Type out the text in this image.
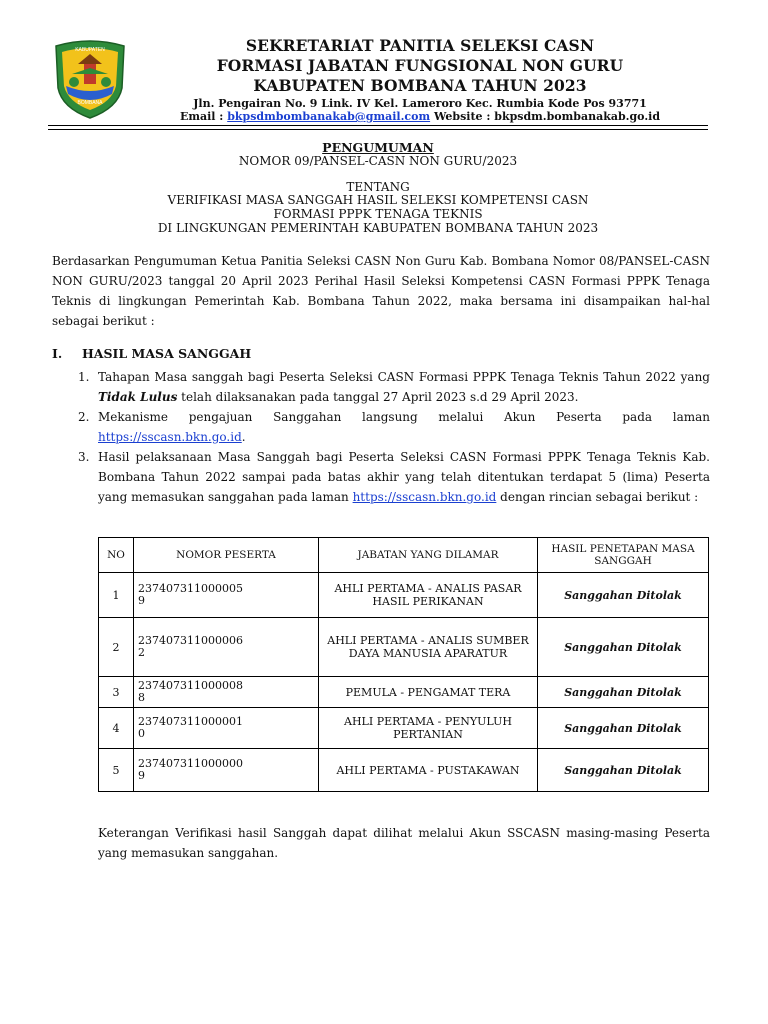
KABUPATEN
BOMBANA
SEKRETARIAT PANITIA SELEKSI CASN
FORMASI JABATAN FUNGSIONAL NON GURU
KABUPATEN BOMBANA TAHUN 2023
Jln. Pengairan No. 9 Link. IV Kel. Lameroro Kec. Rumbia Kode Pos 93771
Email : bkpsdmbombanakab@gmail.com Website : bkpsdm.bombanakab.go.id
PENGUMUMAN
NOMOR 09/PANSEL-CASN NON GURU/2023
TENTANG
VERIFIKASI MASA SANGGAH HASIL SELEKSI KOMPETENSI CASN
FORMASI PPPK TENAGA TEKNIS
DI LINGKUNGAN PEMERINTAH KABUPATEN BOMBANA TAHUN 2023
Berdasarkan Pengumuman Ketua Panitia Seleksi CASN Non Guru Kab. Bombana Nomor 08/PANSEL-CASN NON GURU/2023 tanggal 20 April 2023 Perihal Hasil Seleksi Kompetensi CASN Formasi PPPK Tenaga Teknis di lingkungan Pemerintah Kab. Bombana Tahun 2022, maka bersama ini disampaikan hal-hal sebagai berikut :
I. HASIL MASA SANGGAH
1. Tahapan Masa sanggah bagi Peserta Seleksi CASN Formasi PPPK Tenaga Teknis Tahun 2022 yang Tidak Lulus telah dilaksanakan pada tanggal 27 April 2023 s.d 29 April 2023.
2. Mekanisme pengajuan Sanggahan langsung melalui Akun Peserta pada laman https://sscasn.bkn.go.id.
3. Hasil pelaksanaan Masa Sanggah bagi Peserta Seleksi CASN Formasi PPPK Tenaga Teknis Kab. Bombana Tahun 2022 sampai pada batas akhir yang telah ditentukan terdapat 5 (lima) Peserta yang memasukan sanggahan pada laman https://sscasn.bkn.go.id dengan rincian sebagai berikut :
NO	NOMOR PESERTA	JABATAN YANG DILAMAR	HASIL PENETAPAN MASA SANGGAH
1	2374073110000059	AHLI PERTAMA - ANALIS PASAR HASIL PERIKANAN	Sanggahan Ditolak
2	2374073110000062	AHLI PERTAMA - ANALIS SUMBER DAYA MANUSIA APARATUR	Sanggahan Ditolak
3	2374073110000088	PEMULA - PENGAMAT TERA	Sanggahan Ditolak
4	2374073110000010	AHLI PERTAMA - PENYULUH PERTANIAN	Sanggahan Ditolak
5	2374073110000009	AHLI PERTAMA - PUSTAKAWAN	Sanggahan Ditolak
Keterangan Verifikasi hasil Sanggah dapat dilihat melalui Akun SSCASN masing-masing Peserta yang memasukan sanggahan.
